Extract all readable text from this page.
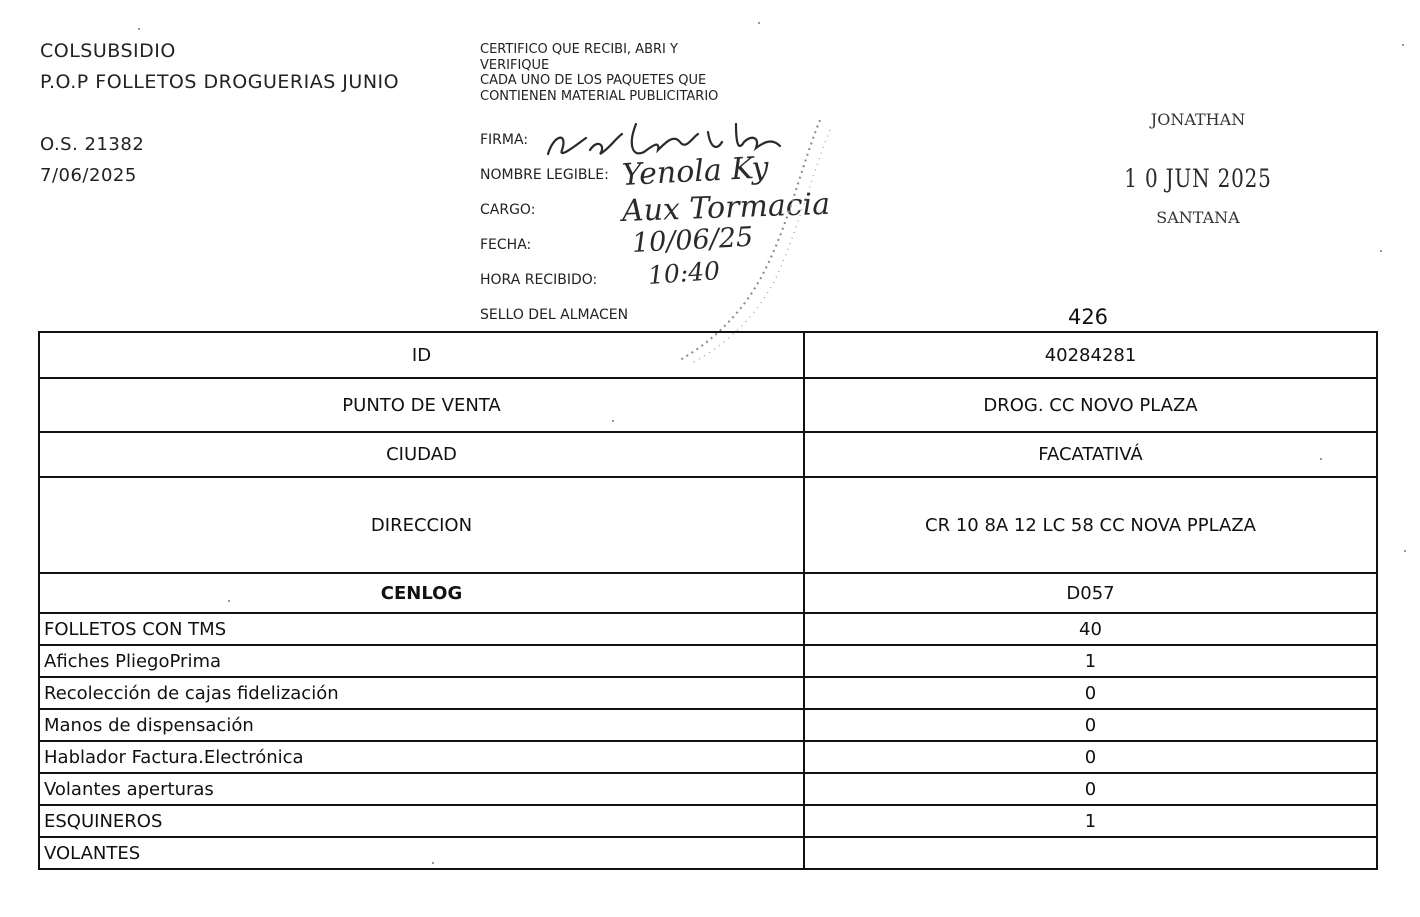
COLSUBSIDIO
P.O.P FOLLETOS DROGUERIAS JUNIO
O.S. 21382
7/06/2025
CERTIFICO QUE RECIBI, ABRI Y
VERIFIQUE
CADA UNO DE LOS PAQUETES QUE
CONTIENEN MATERIAL PUBLICITARIO
FIRMA:
NOMBRE LEGIBLE:
CARGO:
FECHA:
HORA RECIBIDO:
SELLO DEL ALMACEN
Yenola Ky
Aux Tormacia
10/06/25
10:40
JONATHAN
1 0 JUN 2025
SANTANA
426
ID	40284281
PUNTO DE VENTA	DROG. CC NOVO PLAZA
CIUDAD	FACATATIVÁ
DIRECCION	CR 10 8A 12 LC 58 CC NOVA PPLAZA
CENLOG	D057
FOLLETOS CON TMS	40
Afiches PliegoPrima	1
Recolección de cajas fidelización	0
Manos de dispensación	0
Hablador Factura.Electrónica	0
Volantes aperturas	0
ESQUINEROS	1
VOLANTES
